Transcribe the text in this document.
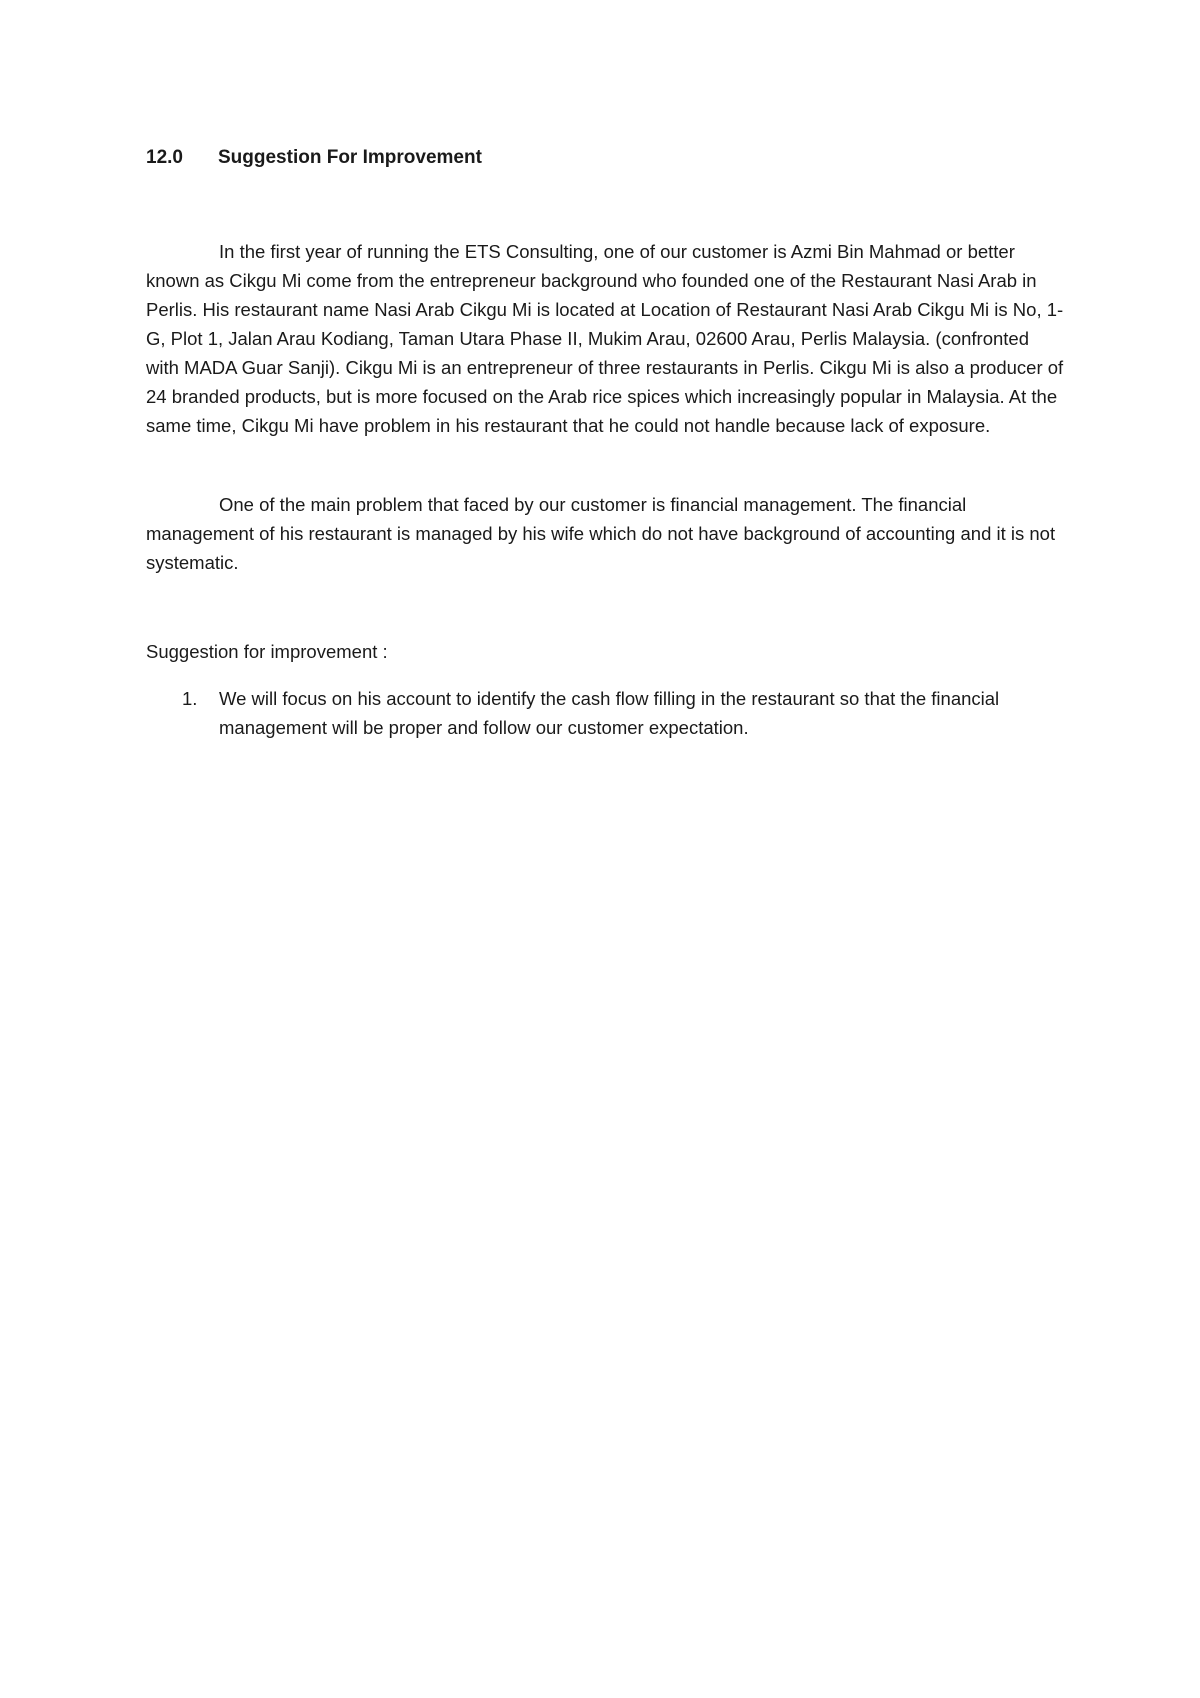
12.0 Suggestion For Improvement

In the first year of running the ETS Consulting, one of our customer is Azmi Bin Mahmad or better known as Cikgu Mi come from the entrepreneur background who founded one of the Restaurant Nasi Arab in Perlis. His restaurant name Nasi Arab Cikgu Mi is located at Location of Restaurant Nasi Arab Cikgu Mi is No, 1-G, Plot 1, Jalan Arau Kodiang, Taman Utara Phase II, Mukim Arau, 02600 Arau, Perlis Malaysia. (confronted with MADA Guar Sanji). Cikgu Mi is an entrepreneur of three restaurants in Perlis. Cikgu Mi is also a producer of 24 branded products, but is more focused on the Arab rice spices which increasingly popular in Malaysia. At the same time, Cikgu Mi have problem in his restaurant that he could not handle because lack of exposure.

One of the main problem that faced by our customer is financial management. The financial management of his restaurant is managed by his wife which do not have background of accounting and it is not systematic.

Suggestion for improvement :

1. We will focus on his account to identify the cash flow filling in the restaurant so that the financial management will be proper and follow our customer expectation.
